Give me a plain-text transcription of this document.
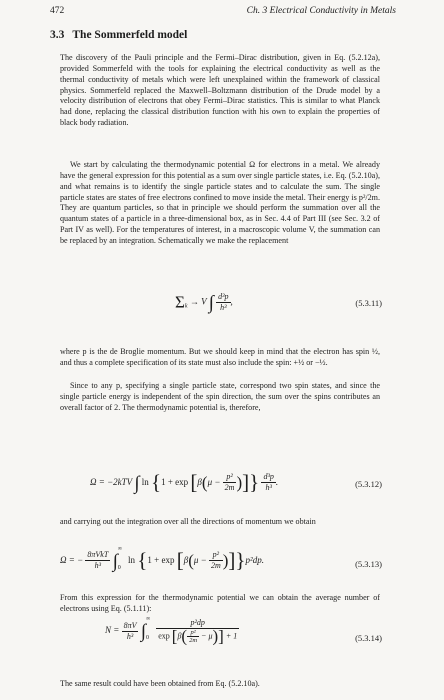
472	Ch. 3 Electrical Conductivity in Metals
3.3 The Sommerfeld model

The discovery of the Pauli principle and the Fermi–Dirac distribution, given in Eq. (5.2.12a), provided Sommerfeld with the tools for explaining the electrical conductivity as well as the thermal conductivity of metals which were left unexplained within the framework of classical physics. Sommerfeld replaced the Maxwell–Boltzmann distribution of the Drude model by a velocity distribution of electrons that obey Fermi–Dirac statistics. This is similar to what Planck had done, replacing the classical distribution function with his own to explain the properties of black body radiation.

We start by calculating the thermodynamic potential Ω for electrons in a metal. We already have the general expression for this potential as a sum over single particle states, i.e. Eq. (5.2.10a), and what remains is to identify the single particle states and to calculate the sum. The single particle states are states of free electrons confined to move inside the metal. Their energy is p²/2m. They are quantum particles, so that in principle we should perform the summation over all the quantum states of a particle in a three-dimensional box, as in Sec. 4.4 of Part III (see Sec. 3.2 of Part IV as well). For the temperatures of interest, in a macroscopic volume V, the summation can be replaced by an integration. Schematically we make the replacement

$\Sigma_k \to V$ ∫ $\frac{\text{d³p}}{\text{h³}}$ ,	(5.3.11)

where p is the de Broglie momentum. But we should keep in mind that the electron has spin ½, and thus a complete specification of its state must also include the spin: +½ or −½.

Since to any p, specifying a single particle state, correspond two spin states, and since the single particle energy is independent of the spin direction, the sum over the spins contributes an overall factor of 2. The thermodynamic potential is, therefore,

Ω = −2kTV ∫ $\ln \{1 + \exp [\beta(\mu - \frac{\text{p²}}{2m}$ )]} $\frac{\text{d³p}}{\text{h³}}$ .	(5.3.12)

and carrying out the integration over all the directions of momentum we obtain

Ω = − $\frac{\text{8πVkT}}{\text{h³}}$ ∫
∞
0
$\ln \{1 + \exp [\beta(\mu - \frac{\text{p²}}{2m} )]\}p^2dp$.	(5.3.13)

From this expression for the thermodynamic potential we can obtain the average number of electrons using Eq. (5.1.11):

$N = \frac{8\pi V}{\text{h³}}$ ∫
∞
0
$\frac{\text{p²dp}}{\exp [\beta( \frac{\text{p²}}{2m} - \mu)] + 1}$	(5.3.14)

The same result could have been obtained from Eq. (5.2.10a).
